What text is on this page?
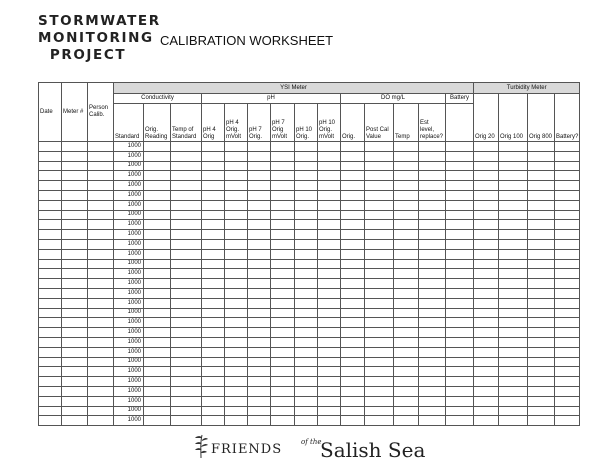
STORMWATER
MONITORING
PROJECT
CALIBRATION WORKSHEET
Date	Meter #	Person Calib.	YSI Meter														Turbidity Meter			
			Conductivity			pH						DO mg/L				Battery	Orig 20	Orig 100	Orig 800	Battery?
			Standard	Orig. Reading	Temp of Standard	pH 4 Orig	pH 4 Orig. mVolt	pH 7 Orig.	pH 7 Orig mVolt	pH 10 Orig.	pH 10 Orig. mVolt	Orig.	Post Cal Value	Temp	Est level, replace?					
			1000																	
			1000																	
			1000																	
			1000																	
			1000																	
			1000																	
			1000																	
			1000																	
			1000																	
			1000																	
			1000																	
			1000																	
			1000																	
			1000																	
			1000																	
			1000																	
			1000																	
			1000																	
			1000																	
			1000																	
			1000																	
			1000																	
			1000																	
			1000																	
			1000																	
			1000																	
			1000																	
			1000																	
			1000																	
FRIENDS	of the
Salish Sea
